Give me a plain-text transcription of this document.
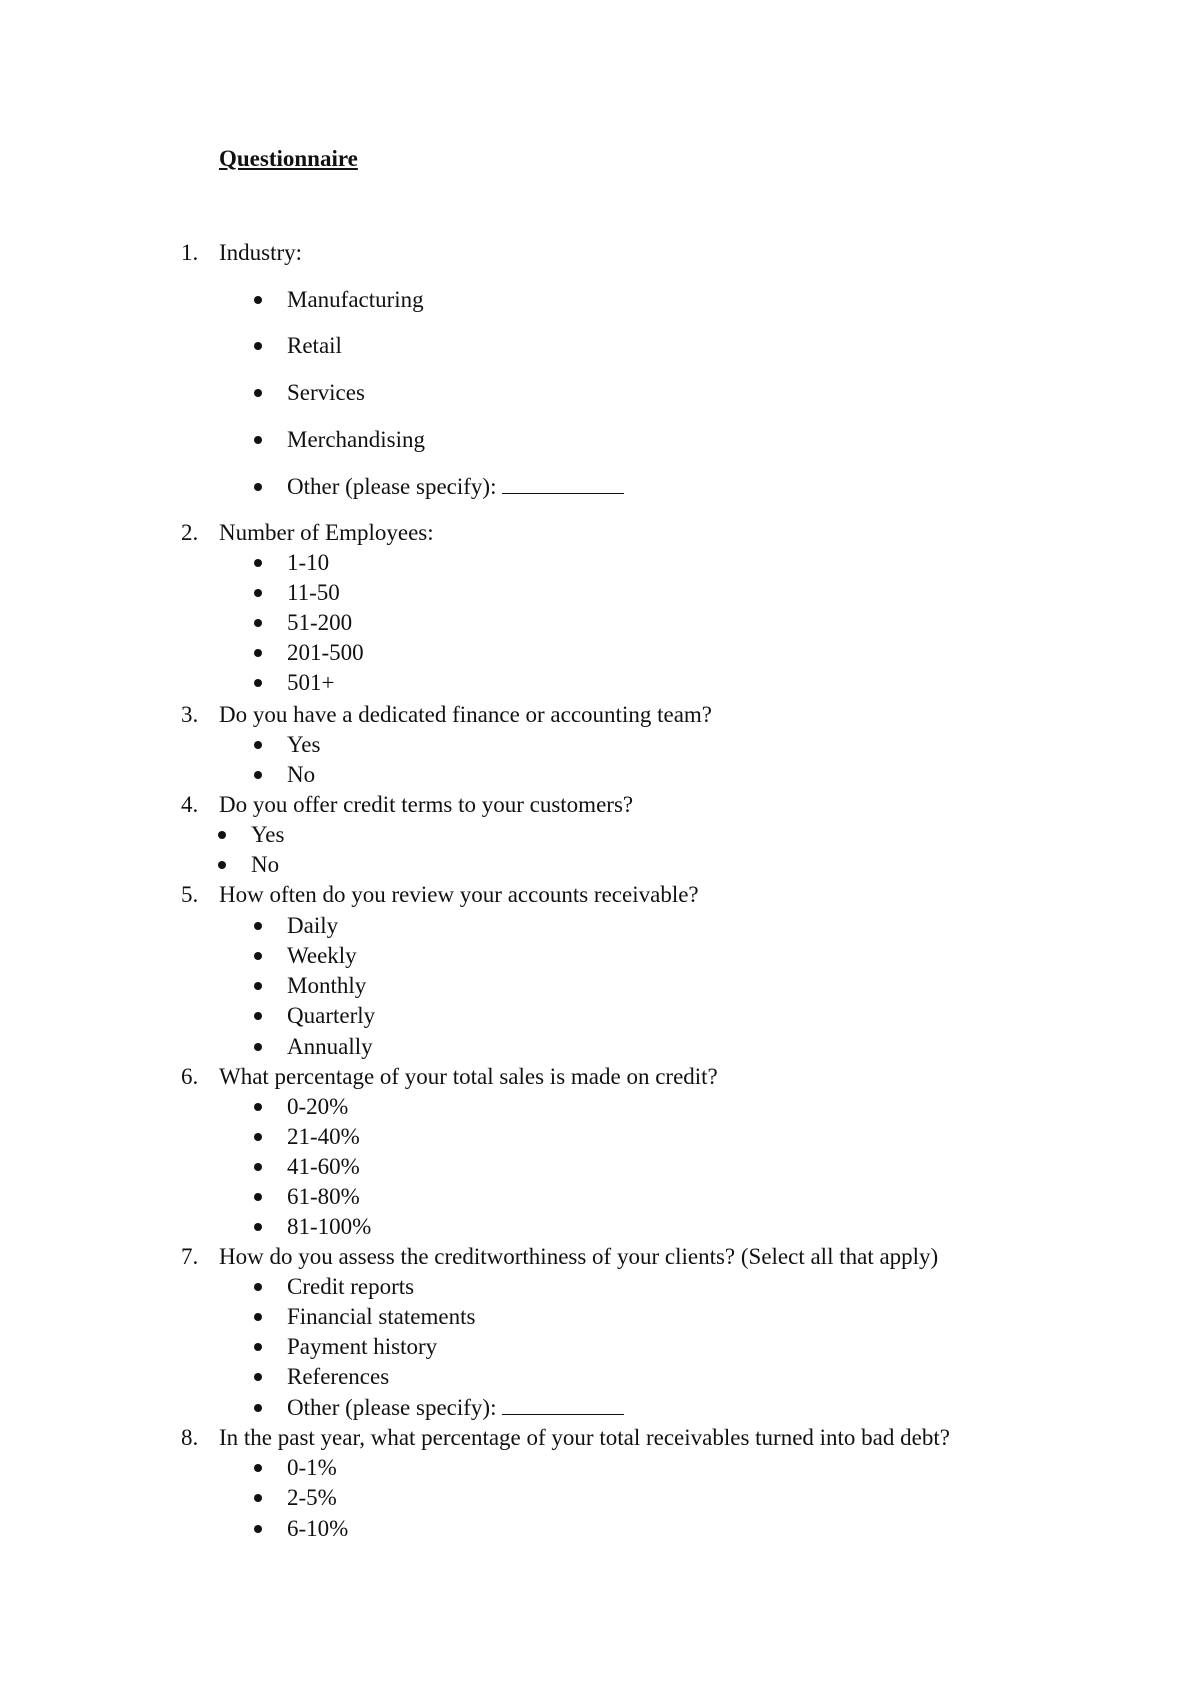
Questionnaire
1. Industry:
Manufacturing
Retail
Services
Merchandising
Other (please specify):
2. Number of Employees:
1-10
11-50
51-200
201-500
501+
3. Do you have a dedicated finance or accounting team?
Yes
No
4. Do you offer credit terms to your customers?
Yes
No
5. How often do you review your accounts receivable?
Daily
Weekly
Monthly
Quarterly
Annually
6. What percentage of your total sales is made on credit?
0-20%
21-40%
41-60%
61-80%
81-100%
7. How do you assess the creditworthiness of your clients? (Select all that apply)
Credit reports
Financial statements
Payment history
References
Other (please specify):
8. In the past year, what percentage of your total receivables turned into bad debt?
0-1%
2-5%
6-10%
